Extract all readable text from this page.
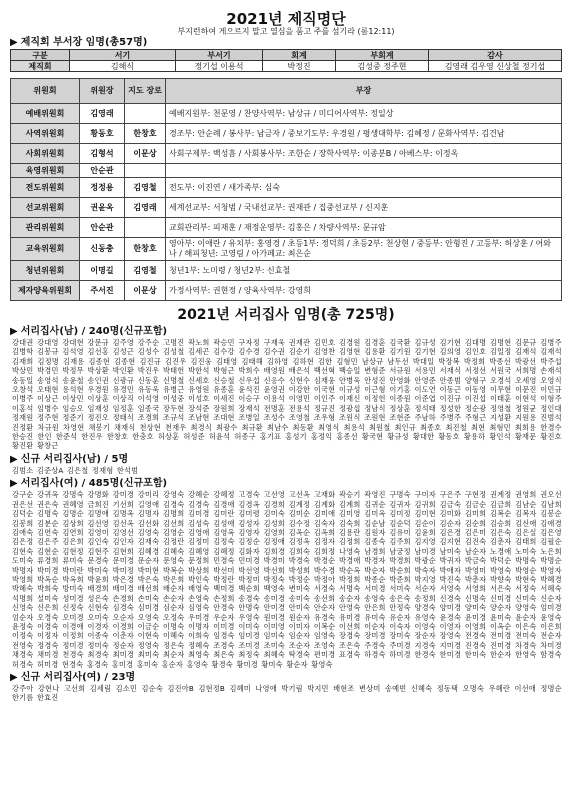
2021년 제직명단
부지런하여 게으르지 말고 열심을 품고 주를 섬기라 (롬12:11)
▶ 제직회 부서장 임명(총57명)
구분	서기	부서기	회계	부회계	감사
제직회	김해식	정기섭 이용석	박정진	김성중 정주현	김영래 김우영 신상철 정기섭
위원회	위원장	지도 장로	부장
예배위원회	김영래		예배지원부: 천문영 / 찬양사역부: 남상규 / 미디어사역부: 정일상
사역위원회	황동호	한창호	경조부: 안순례 / 봉사부: 남금자 / 중보기도부: 우경원 / 평생대학부: 김혜정 / 문화사역부: 김건남
사회위원회	김형석	이문상	사회구제부: 백성흠 / 사회봉사부: 조한순 / 장학사역부: 이종분B / 아베스부: 이정옥
육영위원회	안순관		
전도위원회	정정용	김영철	전도부: 이진연 / 새가족부: 심숙
선교위원회	권윤옥	김영래	세계선교부: 서청범 / 국내선교부: 권재관 / 집중선교부 / 신지훈
관리위원회	안순관		교회관리부: 피재훈 / 재정운영부: 김홍은 / 차량사역부: 문규암
교육위원회	신동충	한창호	영아부: 이애란 / 유치부: 홍영경 / 초등1부: 정덕희 / 초등2부: 천상현 / 중등부: 안형진 / 고등부: 허상훈 / 어와나 / 해피청년: 고영림 / 아가페교: 최은순
청년위원회	이명길	김영철	청년1부: 노미령 / 청년2부: 신효철
제자양육위원회	주서진	이문상	가정사역부: 권현정 / 양육사역부: 강영희
2021년 서리집사 임명(총 725명)
▶ 서리집사(남) / 240명(신규포함)
강대권 강대영 강대현 강문규 김주영 강주순 고명진 곽노희 곽승민 구자정 구재욱 권재관 김민호 김경원 김경훈 김국환 김규성 김기현 김대명 김명현 김문규 김병주 김병학 김봉규 김석영 김선홍 김성근 김성수 김성철 김세곤 김수강 김수경 김수권 김순기 김영찬 김영현 김용환 김기원 김기현 김의영 김인호 김일정 김재석 김재석 김재희 김정명 김재용 김종현 김종현 김진규 김진우 김진웅 김태영 김태해 김하영 김하현 김한 김형민 남상규 남두선 박대일 박장복 박정희 박종선 박광선 박주섭 박상민 박경민 박정무 박상환 박인환 박진우 박태헌 박한석 박형근 박희수 배영원 배은석 백선혁 백승일 변형준 서규원 서용민 서재식 서정선 서원국 서희명 손재석 송동일 송영석 송윤철 송인권 신광규 신동훈 신명철 신세호 신승철 신우섭 신응수 신현수 심재웅 안병욱 안성진 안영화 안영준 안종범 양형구 오경석 오세영 오영식 오창석 오태현 용석현 우경원 유경민 유동욱 유병근 유영원 유종훈 윤석진 윤영권 이강한 이국현 이규성 이근형 이기홍 이도연 이동근 이동영 이무현 이문진 이민규 이병주 이상근 이상민 이상훈 이상직 이석영 이성중 이성호 이세진 이승구 이용석 이영민 이인주 이재신 이정헌 이종원 이준엽 이진규 이진섭 이태훈 이현석 이형주 이홍석 임병수 임승오 임재성 임정훈 임종국 장두현 장석준 장원희 장재석 전명훈 전용석 정규진 정광섭 정남식 정상훈 정석태 정성한 정순광 정영철 정원균 정인대 정재원 정주현 정준기 정진오 정태식 조경희 조규석 조남현 조대현 조병일 조성수 조영철 조우형 조원식 조원현 조현준 주남하 주병주 주형근 지성환 지원용 진범석 진정환 차규원 차영현 채봉기 채재식 천상현 천재우 최경식 최광수 최규환 최남수 최동환 최영식 최용석 최원철 최인규 최종호 최진철 최현 최형민 최희용 한경수 한승진 한인 한준석 한진우 한창호 한충호 허상훈 허성준 허윤석 허종구 홍기표 홍성기 홍정익 홍종선 황국현 황규성 황대한 황동호 황용하 황인석 황재문 황진호 황진환 황창근
▶ 신규 서리집사(남) / 5명
김범소 김준상A 김은철 정재형 한석범
▶ 서리집사(여) / 485명(신규포함)
강구순 강귀옥 강명숙 강명화 강미경 강미리 강영숙 강혜순 강혜정 고경숙 고선영 고선옥 고재화 곽승기 곽영진 구명숙 구미자 구은주 구현정 권계정 권영희 권오선 권은선 권은숙 권혜영 금희진 기선희 길영애 김경숙 김경숙 김경애 김경옥 김경희 김계정 김계화 김계희 김귀순 김귀자 김귀희 김금숙 김금순 김금희 김남순 김남희 김덕순 김명숙 김명순 김명애 김명옥 김명자 김명희 김미경 김미란 김미령 김미숙 김미순 김미애 김미영 김미옥 김미정 김미현 김미화 김미희 김복순 김복자 김봉순 김봉희 김분순 김상희 김선영 김선옥 김선화 김선희 김성숙 김성애 김성자 김성희 김수정 김숙자 김숙희 김순남 김순덕 김순이 김순자 김순희 김승희 김신애 김애경 김애숙 김연숙 김연희 김영미 김영선 김영숙 김영순 김영애 김영옥 김영자 김영희 김옥순 김옥희 김용란 김원자 김유미 김윤희 김은경 김은미 김은숙 김은실 김은영 김은정 김은주 김은희 김인숙 김인자 김재숙 김정란 김정미 김정숙 김정순 김정애 김정옥 김정자 김정희 김종숙 김주희 김지영 김지현 김진숙 김춘자 김태희 김필순 김현숙 김현순 김현정 김현주 김현희 김혜경 김혜숙 김혜영 김혜정 김화자 김희경 김희숙 김희정 나영숙 남경희 남궁정 남미경 남미숙 남순자 노경애 노미숙 노은희 도미숙 류경희 류미숙 문경숙 문미경 문순자 문영숙 문정희 민경숙 민미경 박경미 박경숙 박경순 박경애 박경자 박경희 박광순 박귀자 박금숙 박덕순 박명숙 박명순 박명자 박미경 박미란 박미숙 박미정 박미현 박복순 박상희 박선미 박선영 박선희 박성희 박수경 박순옥 박순자 박순희 박숙자 박애자 박영미 박영숙 박영순 박영자 박영희 박옥순 박옥희 박윤희 박은경 박은숙 박은희 박인숙 박정란 박정미 박정숙 박정순 박정아 박정희 박종순 박준희 박지영 박진숙 박춘자 박향숙 박현숙 박혜경 박혜숙 박희숙 방미숙 배경희 배미경 배선희 배순자 배영숙 백미경 백순희 백영숙 변미숙 서경숙 서명숙 서미경 서미숙 서순자 서영숙 서영희 서은숙 서정숙 서혜숙 석명희 설미숙 성미경 성은숙 손경희 손미숙 손순자 손영숙 손정희 송경숙 송미경 송미숙 송선희 송순자 송영숙 송은숙 송정희 신경숙 신명숙 신미경 신미숙 신순자 신영숙 신은희 신정숙 신현숙 심경숙 심미경 심순자 심영숙 안경숙 안명숙 안미경 안미숙 안순자 안영숙 안은희 안정숙 양경숙 양미경 양미숙 양순자 양영숙 엄미경 엄순자 오경숙 오미경 오미숙 오순자 오영숙 오정숙 우미경 우순자 우영숙 원미경 원순자 유경숙 유미경 유미숙 유순자 유영숙 윤경숙 윤미경 윤미숙 윤순자 윤영숙 윤정숙 이경숙 이경애 이경자 이경희 이금순 이명숙 이명자 이미경 이미숙 이미영 이미자 이복순 이선희 이순자 이숙자 이영숙 이영자 이영희 이옥순 이은숙 이은희 이정숙 이정자 이정희 이종숙 이춘자 이현숙 이혜숙 이희숙 임경숙 임미경 임미숙 임순자 임영숙 장경숙 장미경 장미숙 장순자 장영숙 전경숙 전미경 전미숙 전순자 전영숙 정경숙 정미경 정미숙 정순자 정영숙 정은숙 정혜숙 조경숙 조미경 조미숙 조순자 조영숙 조은숙 주경숙 주미경 지경숙 지미경 진경숙 진미경 차경숙 차미경 채경숙 채미경 천경숙 최경숙 최미경 최미숙 최순자 최영숙 최은숙 최정숙 최혜숙 탁경숙 편미경 표경숙 하경숙 하미경 한경숙 한미경 한미숙 한순자 한영숙 함경숙 허경숙 허미경 현경숙 홍경숙 홍미경 홍미숙 홍순자 홍영숙 황경숙 황미경 황미숙 황순자 황영숙
▶ 신규 서리집사(여) / 23명
강주아 강현나 고선희 김세림 김소민 김순숙 김진아B 김현정B 김혜미 나영애 박기림 박지민 배현조 변상미 송예빈 신혜숙 정동택 오명숙 우혜란 이선애 정명순 한기름 한효진
